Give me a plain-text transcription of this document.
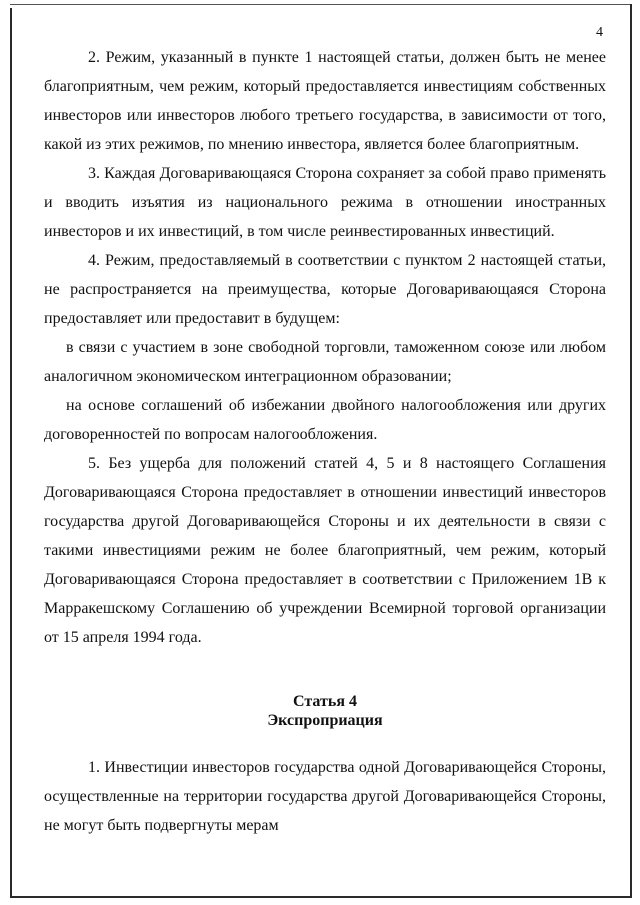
4

2. Режим, указанный в пункте 1 настоящей статьи, должен быть не менее благоприятным, чем режим, который предоставляется инвестициям собственных инвесторов или инвесторов любого третьего государства, в зависимости от того, какой из этих режимов, по мнению инвестора, является более благоприятным.

3. Каждая Договаривающаяся Сторона сохраняет за собой право применять и вводить изъятия из национального режима в отношении иностранных инвесторов и их инвестиций, в том числе реинвестированных инвестиций.

4. Режим, предоставляемый в соответствии с пунктом 2 настоящей статьи, не распространяется на преимущества, которые Договаривающаяся Сторона предоставляет или предоставит в будущем:

в связи с участием в зоне свободной торговли, таможенном союзе или любом аналогичном экономическом интеграционном образовании;

на основе соглашений об избежании двойного налогообложения или других договоренностей по вопросам налогообложения.

5. Без ущерба для положений статей 4, 5 и 8 настоящего Соглашения Договаривающаяся Сторона предоставляет в отношении инвестиций инвесторов государства другой Договаривающейся Стороны и их деятельности в связи с такими инвестициями режим не более благоприятный, чем режим, который Договаривающаяся Сторона предоставляет в соответствии с Приложением 1B к Марракешскому Соглашению об учреждении Всемирной торговой организации от 15 апреля 1994 года.

Статья 4
Экспроприация

1. Инвестиции инвесторов государства одной Договаривающейся Стороны, осуществленные на территории государства другой Договаривающейся Стороны, не могут быть подвергнуты мерам
